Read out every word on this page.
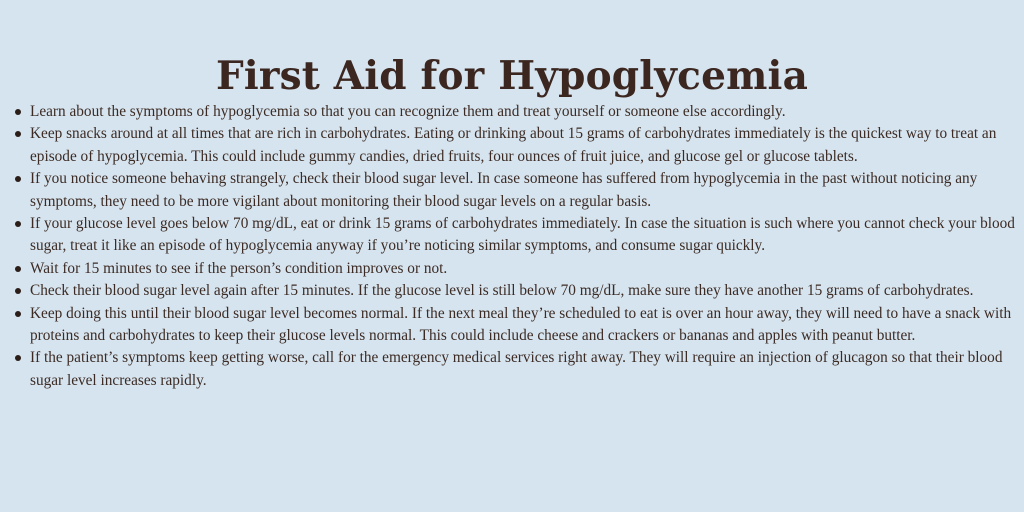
First Aid for Hypoglycemia
Learn about the symptoms of hypoglycemia so that you can recognize them and treat yourself or someone else accordingly.
Keep snacks around at all times that are rich in carbohydrates. Eating or drinking about 15 grams of carbohydrates immediately is the quickest way to treat an episode of hypoglycemia. This could include gummy candies, dried fruits, four ounces of fruit juice, and glucose gel or glucose tablets.
If you notice someone behaving strangely, check their blood sugar level. In case someone has suffered from hypoglycemia in the past without noticing any symptoms, they need to be more vigilant about monitoring their blood sugar levels on a regular basis.
If your glucose level goes below 70 mg/dL, eat or drink 15 grams of carbohydrates immediately. In case the situation is such where you cannot check your blood sugar, treat it like an episode of hypoglycemia anyway if you’re noticing similar symptoms, and consume sugar quickly.
Wait for 15 minutes to see if the person’s condition improves or not.
Check their blood sugar level again after 15 minutes. If the glucose level is still below 70 mg/dL, make sure they have another 15 grams of carbohydrates.
Keep doing this until their blood sugar level becomes normal. If the next meal they’re scheduled to eat is over an hour away, they will need to have a snack with proteins and carbohydrates to keep their glucose levels normal. This could include cheese and crackers or bananas and apples with peanut butter.
If the patient’s symptoms keep getting worse, call for the emergency medical services right away. They will require an injection of glucagon so that their blood sugar level increases rapidly.
